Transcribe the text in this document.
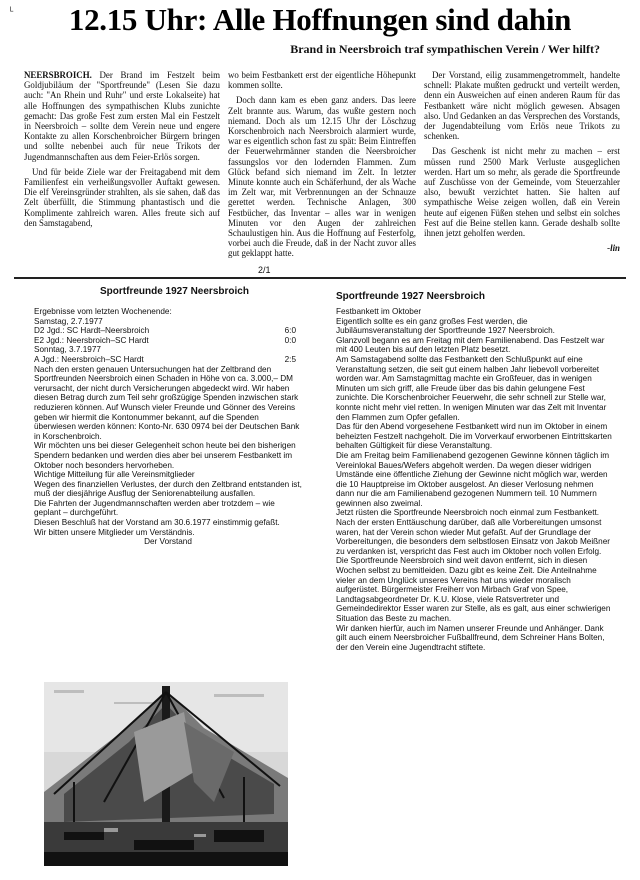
ᴸ	12.15 Uhr: Alle Hoffnungen sind dahin
Brand in Neersbroich traf sympathischen Verein / Wer hilft?

NEERSBROICH. Der Brand im Festzelt beim Goldjubiläum der "Sportfreunde" (Lesen Sie dazu auch: "An Rhein und Ruhr" und erste Lokalseite) hat alle Hoffnungen des sympathischen Klubs zunichte gemacht: Das große Fest zum ersten Mal ein Festzelt in Neersbroich – sollte dem Verein neue und engere Kontakte zu allen Korschenbroicher Bürgern bringen und sollte nebenbei auch für neue Trikots der Jugendmannschaften aus dem Feier-Erlös sorgen.

Und für beide Ziele war der Freitagabend mit dem Familienfest ein verheißungsvoller Auftakt gewesen. Die elf Vereinsgründer strahlten, als sie sahen, daß das Zelt überfüllt, die Stimmung phantastisch und die Komplimente zahlreich waren. Alles freute sich auf den Samstagabend,

wo beim Festbankett erst der eigentliche Höhepunkt kommen sollte.

Doch dann kam es eben ganz anders. Das leere Zelt brannte aus. Warum, das wußte gestern noch niemand. Doch als um 12.15 Uhr der Löschzug Korschenbroich nach Neersbroich alarmiert wurde, war es eigentlich schon fast zu spät: Beim Eintreffen der Feuerwehrmänner standen die Neersbroicher fassungslos vor den lodernden Flammen. Zum Glück befand sich niemand im Zelt. In letzter Minute konnte auch ein Schäferhund, der als Wache im Zelt war, mit Verbrennungen an der Schnauze gerettet werden. Technische Anlagen, 300 Festbücher, das Inventar – alles war in wenigen Minuten vor den Augen der zahlreichen Schaulustigen hin. Aus die Hoffnung auf Festerfolg, vorbei auch die Freude, daß in der Nacht zuvor alles gut geklappt hatte.

Der Vorstand, eilig zusammengetrommelt, handelte schnell: Plakate mußten gedruckt und verteilt werden, denn ein Ausweichen auf einen anderen Raum für das Festbankett wäre nicht möglich gewesen. Absagen also. Und Gedanken an das Versprechen des Vorstands, der Jugendabteilung vom Erlös neue Trikots zu schenken.

Das Geschenk ist nicht mehr zu machen – erst müssen rund 2500 Mark Verluste ausgeglichen werden. Hart um so mehr, als gerade die Sportfreunde auf Zuschüsse von der Gemeinde, vom Steuerzahler also, bewußt verzichtet hatten. Sie halten auf sympathische Weise zeigen wollen, daß ein Verein heute auf eigenen Füßen stehen und selbst ein solches Fest auf die Beine stellen kann. Gerade deshalb sollte ihnen jetzt geholfen werden.

-lin
2/1
Sportfreunde 1927 Neersbroich

Ergebnisse vom letzten Wochenende:

Samstag, 2.7.1977
D2 Jgd.: SC Hardt–Neersbroich	6:0
E2 Jgd.: Neersbroich–SC Hardt	0:0
Sonntag, 3.7.1977
A Jgd.: Neersbroich–SC Hardt	2:5

Nach den ersten genauen Untersuchungen hat der Zeltbrand den Sportfreunden Neersbroich einen Schaden in Höhe von ca. 3.000,– DM verursacht, der nicht durch Versicherungen abgedeckt wird. Wir haben diesen Betrag durch zum Teil sehr großzügige Spenden inzwischen stark reduzieren können. Auf Wunsch vieler Freunde und Gönner des Vereins geben wir hiermit die Kontonummer bekannt, auf die Spenden überwiesen werden können: Konto-Nr. 630 0974 bei der Deutschen Bank in Korschenbroich.

Wir möchten uns bei dieser Gelegenheit schon heute bei den bisherigen Spendern bedanken und werden dies aber bei unserem Festbankett im Oktober noch besonders hervorheben.

Wichtige Mitteilung für alle Vereinsmitglieder

Wegen des finanziellen Verlustes, der durch den Zeltbrand entstanden ist, muß der diesjährige Ausflug der Seniorenabteilung ausfallen.

Die Fahrten der Jugendmannschaften werden aber trotzdem – wie geplant – durchgeführt.

Diesen Beschluß hat der Vorstand am 30.6.1977 einstimmig gefaßt.

Wir bitten unsere Mitglieder um Verständnis.

Der Vorstand

Sportfreunde 1927 Neersbroich

Festbankett im Oktober

Eigentlich sollte es ein ganz großes Fest werden, die Jubiläumsveranstaltung der Sportfreunde 1927 Neersbroich.

Glanzvoll begann es am Freitag mit dem Familienabend. Das Festzelt war mit 400 Leuten bis auf den letzten Platz besetzt.

Am Samstagabend sollte das Festbankett den Schlußpunkt auf eine Veranstaltung setzen, die seit gut einem halben Jahr liebevoll vorbereitet worden war. Am Samstagmittag machte ein Großfeuer, das in wenigen Minuten um sich griff, alle Freude über das bis dahin gelungene Fest zunichte. Die Korschenbroicher Feuerwehr, die sehr schnell zur Stelle war, konnte nicht mehr viel retten. In wenigen Minuten war das Zelt mit Inventar den Flammen zum Opfer gefallen.

Das für den Abend vorgesehene Festbankett wird nun im Oktober in einem beheizten Festzelt nachgeholt. Die im Vorverkauf erworbenen Eintrittskarten behalten Gültigkeit für diese Veranstaltung.

Die am Freitag beim Familienabend gezogenen Gewinne können täglich im Vereinlokal Baues/Wefers abgeholt werden. Da wegen dieser widrigen Umstände eine öffentliche Ziehung der Gewinne nicht möglich war, werden die 10 Hauptpreise im Oktober ausgelost. An dieser Verlosung nehmen dann nur die am Familienabend gezogenen Nummern teil. 10 Nummern gewinnen also zweimal.

Jetzt rüsten die Sportfreunde Neersbroich noch einmal zum Festbankett. Nach der ersten Enttäuschung darüber, daß alle Vorbereitungen umsonst waren, hat der Verein schon wieder Mut gefaßt. Auf der Grundlage der Vorbereitungen, die besonders dem selbstlosen Einsatz von Jakob Meißner zu verdanken ist, verspricht das Fest auch im Oktober noch vollen Erfolg.

Die Sportfreunde Neersbroich sind weit davon entfernt, sich in diesen Wochen selbst zu bemitleiden. Dazu gibt es keine Zeit. Die Anteilnahme vieler an dem Unglück unseres Vereins hat uns wieder moralisch aufgerüstet. Bürgermeister Freiherr von Mirbach Graf von Spee, Landtagsabgeordneter Dr. K.U. Klose, viele Ratsvertreter und Gemeindedirektor Esser waren zur Stelle, als es galt, aus einer schwierigen Situation das Beste zu machen.

Wir danken hierfür, auch im Namen unserer Freunde und Anhänger. Dank gilt auch einem Neersbroicher Fußballfreund, dem Schreiner Hans Bolten, der den Verein eine Jugendtracht stiftete.
